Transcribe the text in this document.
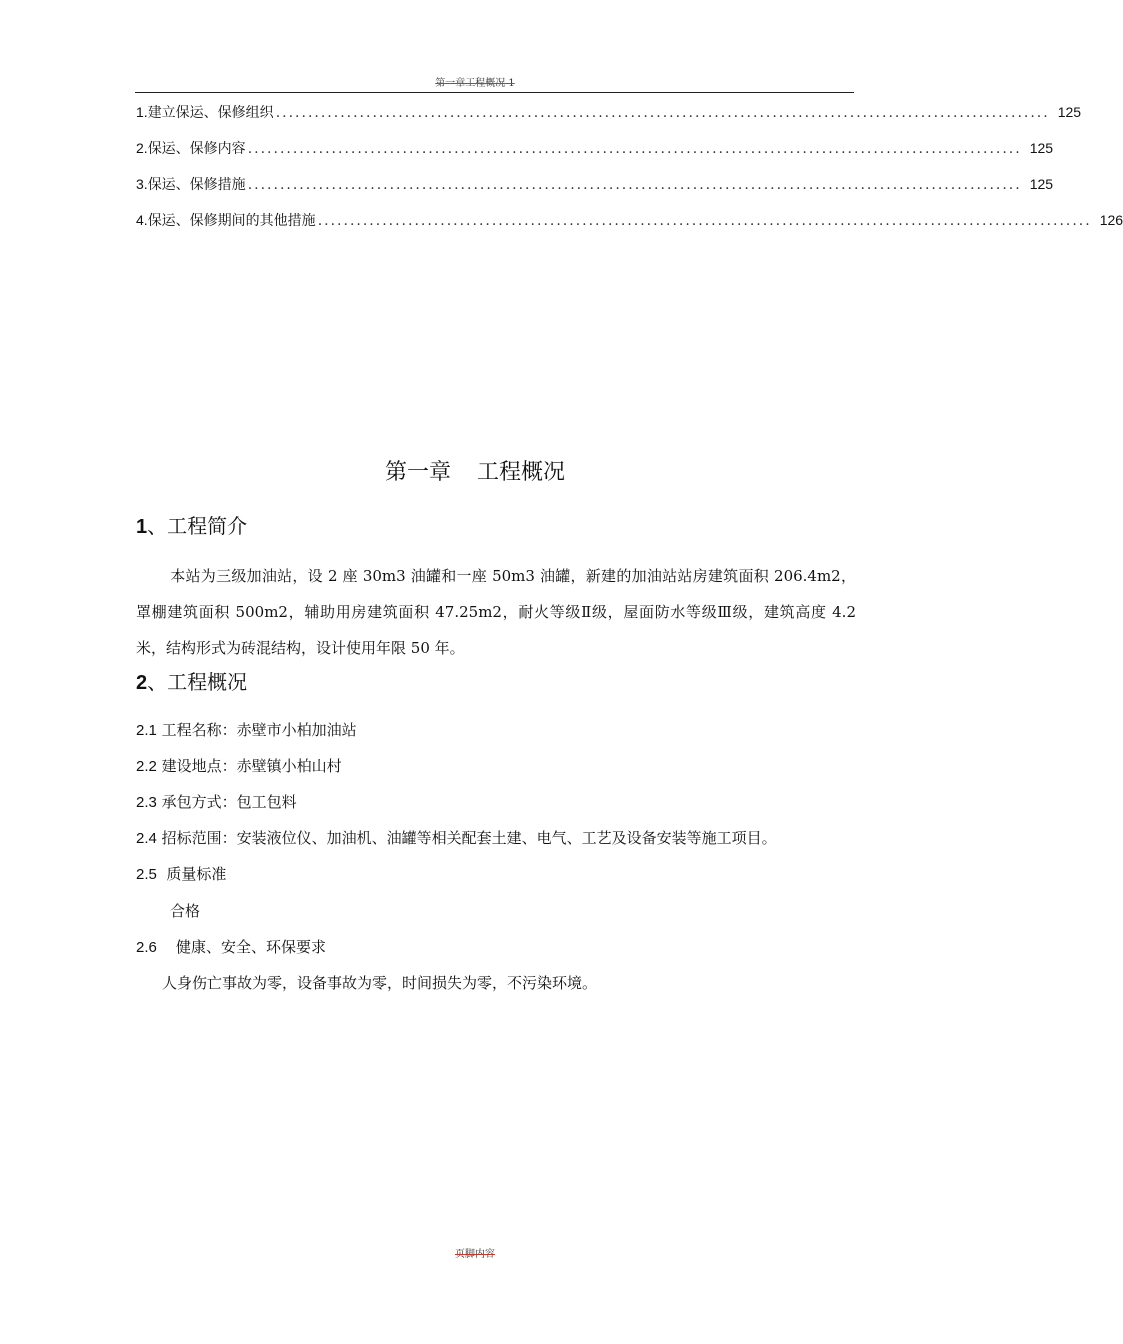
第一章工程概况 1
1. 建立保运、保修组织 ........................................................................................................................ 125
2. 保运、保修内容 ........................................................................................................................ 125
3. 保运、保修措施 ........................................................................................................................ 125
4. 保运、保修期间的其他措施 ........................................................................................................................ 126
第一章 工程概况
1、工程简介
本站为三级加油站，设 2 座 30m3 油罐和一座 50m3 油罐，新建的加油站站房建筑面积 206.4m2，罩棚建筑面积 500m2，辅助用房建筑面积 47.25m2，耐火等级Ⅱ级，屋面防水等级Ⅲ级，建筑高度 4.2 米，结构形式为砖混结构，设计使用年限 50 年。
2、工程概况
2.1 工程名称：赤壁市小柏加油站
2.2 建设地点：赤壁镇小柏山村
2.3 承包方式：包工包料
2.4 招标范围：安装液位仪、加油机、油罐等相关配套土建、电气、工艺及设备安装等施工项目。
2.5 质量标准
合格
2.6 健康、安全、环保要求
人身伤亡事故为零，设备事故为零，时间损失为零，不污染环境。
页脚内容
